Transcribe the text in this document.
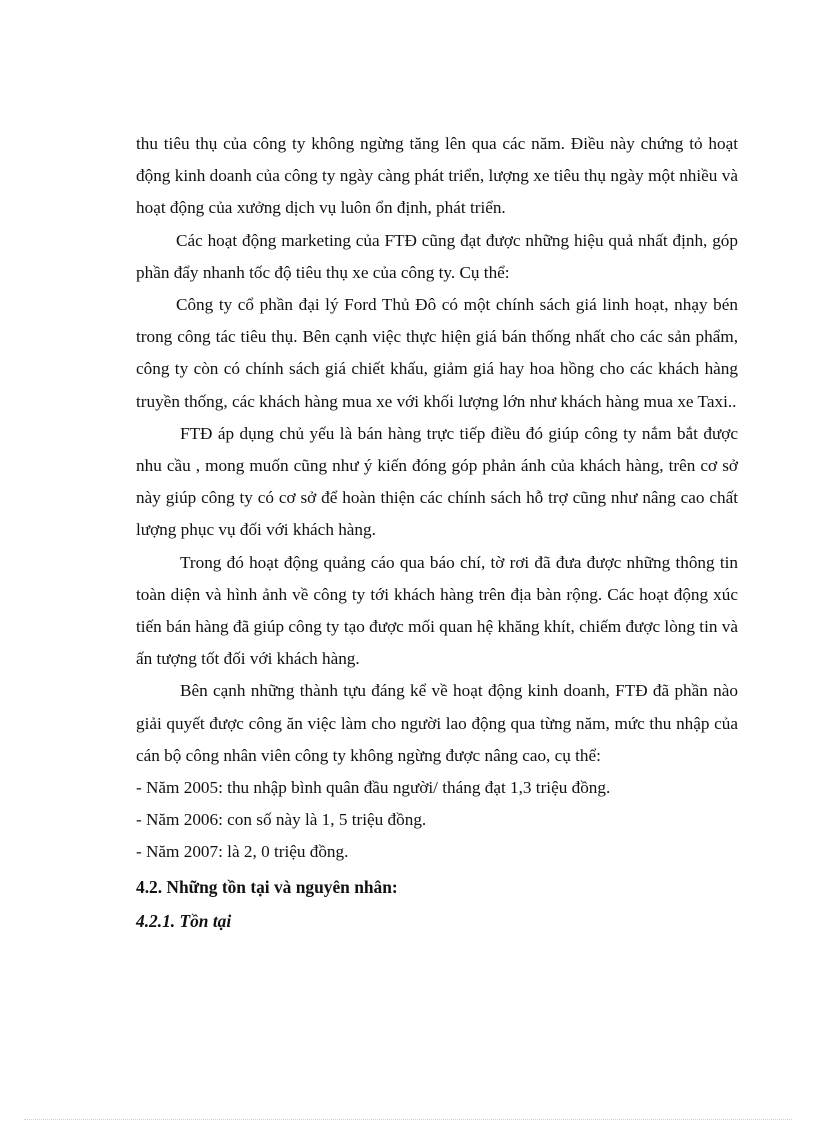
thu tiêu thụ của công ty không ngừng tăng lên qua các năm. Điều này chứng tỏ hoạt động kinh doanh của công ty ngày càng phát triển, lượng xe tiêu thụ ngày một nhiều và hoạt động của xưởng dịch vụ luôn ổn định, phát triển.

Các hoạt động marketing của FTĐ cũng đạt được những hiệu quả nhất định, góp phần đẩy nhanh tốc độ tiêu thụ xe của công ty. Cụ thể:

Công ty cổ phần đại lý Ford Thủ Đô có một chính sách giá linh hoạt, nhạy bén trong công tác tiêu thụ. Bên cạnh việc thực hiện giá bán thống nhất cho các sản phẩm, công ty còn có chính sách giá chiết khấu, giảm giá hay hoa hồng cho các khách hàng truyền thống, các khách hàng mua xe với khối lượng lớn như khách hàng mua xe Taxi..

FTĐ áp dụng chủ yếu là bán hàng trực tiếp điều đó giúp công ty nắm bắt được nhu cầu , mong muốn cũng như ý kiến đóng góp phản ánh của khách hàng, trên cơ sở này giúp công ty có cơ sở để hoàn thiện các chính sách hỗ trợ cũng như nâng cao chất lượng phục vụ đối với khách hàng.

Trong đó hoạt động quảng cáo qua báo chí, tờ rơi đã đưa được những thông tin toàn diện và hình ảnh về công ty tới khách hàng trên địa bàn rộng. Các hoạt động xúc tiến bán hàng đã giúp công ty tạo được mối quan hệ khăng khít, chiếm được lòng tin và ấn tượng tốt đối với khách hàng.

Bên cạnh những thành tựu đáng kể về hoạt động kinh doanh, FTĐ đã phần nào giải quyết được công ăn việc làm cho người lao động qua từng năm, mức thu nhập của cán bộ công nhân viên công ty không ngừng được nâng cao, cụ thể:

- Năm 2005: thu nhập bình quân đầu người/ tháng đạt 1,3 triệu đồng.

- Năm 2006: con số này là 1, 5 triệu đồng.

- Năm 2007: là 2, 0 triệu đồng.

4.2. Những tồn tại và nguyên nhân:
4.2.1. Tồn tại
